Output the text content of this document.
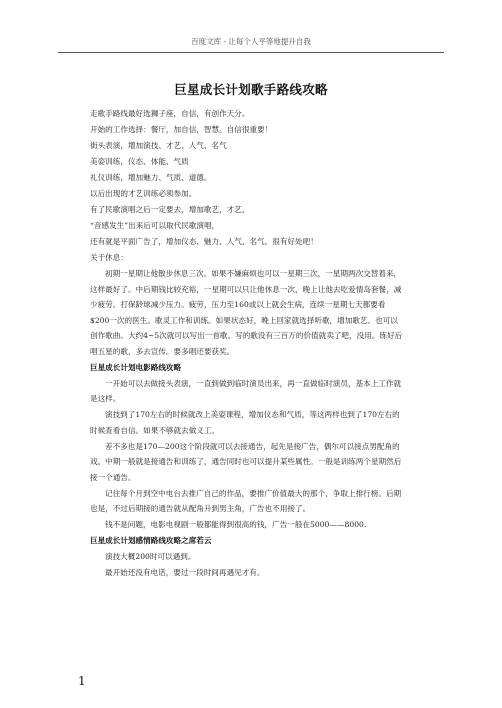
百度文库 - 让每个人平等地提升自我
巨星成长计划歌手路线攻略
走歌手路线最好选狮子座，自信，有创作天分。
开始的工作选择：餐厅，加自信，智慧。自信很重要！
街头表演，增加演技、才艺、人气、名气
美姿训练，仪态、体能、气质
礼仪训练，增加魅力、气质、道德。
以后出现的才艺训练必须参加。
有了民歌演唱之后一定要去，增加歌艺，才艺，
“音感发生”出来后可以取代民歌演唱，
还有就是平面广告了，增加仪态、魅力、人气、名气。很有好处吧！
关于休息：
初期一星期让他散步休息三次。如果不嫌麻烦也可以一星期三次，一星期两次交替着来，这样最好了。中后期钱比较充裕，一星期可以只让他休息一次，晚上让他去吃爱情岛套餐，减少疲劳。打保龄球减少压力。疲劳，压力至160或以上就会生病，连续一星期七天都要看$200一次的医生。歌灵工作和训练。如果状态好，晚上回家就选择听歌，增加歌艺。也可以创作歌曲。大约4~5次就可以写出一首歌。写的歌没有三百万的价值就卖了吧，没用。练好后唱五星的歌，多去宣传。要多唱还要获奖。
巨星成长计划电影路线攻略
一开始可以去做接头表演，一直到做到临时演员出来，再一直做临时演员，基本上工作就是这样。
演技到了170左右的时候就改上美姿课程，增加仪态和气质，等这两样也到了170左右的时候查看自信。如果不够就去做义工。
差不多也是170—200这个阶段就可以去接通告，起先是接广告，偶尔可以接点男配角的戏。中期一般就是接通告和训练了，通告同时也可以提升某些属性。一般是训练两个星期然后接一个通告。
记住每个月到空中电台去推广自己的作品，要推广价值最大的那个，争取上排行榜。后期也是，不过后期接的通告就从配角升到男主角，广告也不用接了。
钱不是问题，电影电视剧一般都能得到很高的钱，广告一般在5000——8000.
巨星成长计划感情路线攻略之席若云
演技大概200时可以遇到。
最开始还没有电话，要过一段时间再遇见才有。
1
